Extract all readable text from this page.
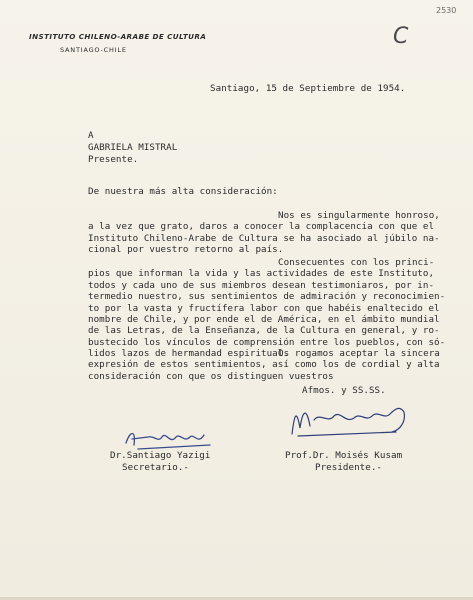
2530
C
INSTITUTO CHILENO-ARABE DE CULTURA
SANTIAGO-CHILE
Santiago, 15 de Septiembre de 1954.
A
GABRIELA MISTRAL
Presente.
De nuestra más alta consideración:
Nos es singularmente honroso,
a la vez que grato, daros a conocer la complacencia con que el
Instituto Chileno-Arabe de Cultura se ha asociado al júbilo na-
cional por vuestro retorno al país.
Consecuentes con los princi-
pios que informan la vida y las actividades de este Instituto,
todos y cada uno de sus miembros desean testimoniaros, por in-
termedio nuestro, sus sentimientos de admiración y reconocimien-
to por la vasta y fructífera labor con que habéis enaltecido el
nombre de Chile, y por ende el de América, en el ámbito mundial
de las Letras, de la Enseñanza, de la Cultura en general, y ro-
bustecido los vínculos de comprensión entre los pueblos, con só-
lidos lazos de hermandad espiritual.
Os rogamos aceptar la sincera
expresión de estos sentimientos, así como los de cordial y alta
consideración con que os distinguen vuestros
Afmos. y SS.SS.
Dr.Santiago Yazigi
Secretario.-
Prof.Dr. Moisés Kusam
Presidente.-
